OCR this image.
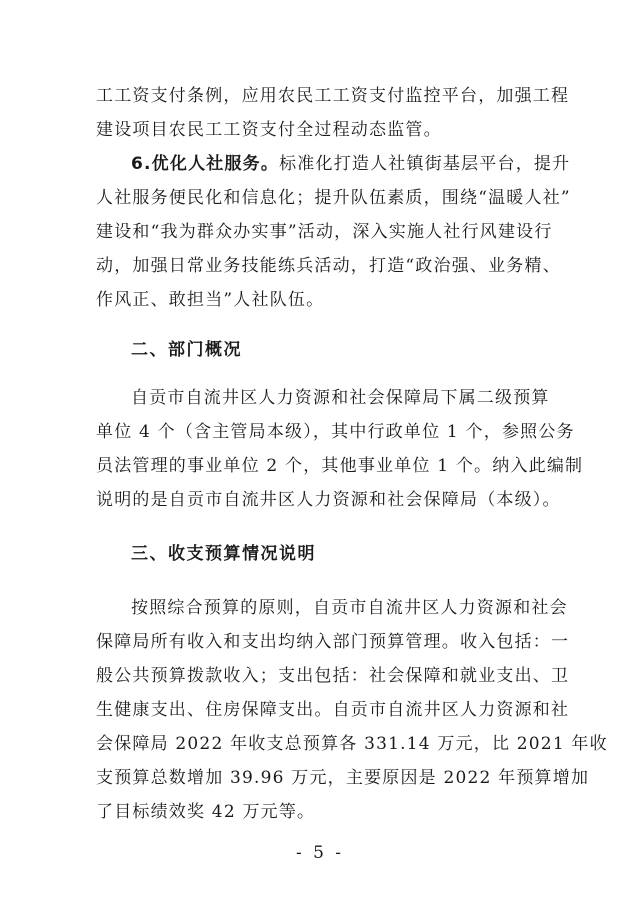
工工资支付条例，应用农民工工资支付监控平台，加强工程
建设项目农民工工资支付全过程动态监管。
6.优化人社服务。标准化打造人社镇街基层平台，提升
人社服务便民化和信息化；提升队伍素质，围绕“温暖人社”
建设和“我为群众办实事”活动，深入实施人社行风建设行
动，加强日常业务技能练兵活动，打造“政治强、业务精、
作风正、敢担当”人社队伍。
二、部门概况
自贡市自流井区人力资源和社会保障局下属二级预算
单位 4 个（含主管局本级），其中行政单位 1 个，参照公务
员法管理的事业单位 2 个，其他事业单位 1 个。纳入此编制
说明的是自贡市自流井区人力资源和社会保障局（本级）。
三、收支预算情况说明
按照综合预算的原则，自贡市自流井区人力资源和社会
保障局所有收入和支出均纳入部门预算管理。收入包括：一
般公共预算拨款收入；支出包括：社会保障和就业支出、卫
生健康支出、住房保障支出。自贡市自流井区人力资源和社
会保障局 2022 年收支总预算各 331.14 万元，比 2021 年收
支预算总数增加 39.96 万元，主要原因是 2022 年预算增加
了目标绩效奖 42 万元等。
- 5 -
